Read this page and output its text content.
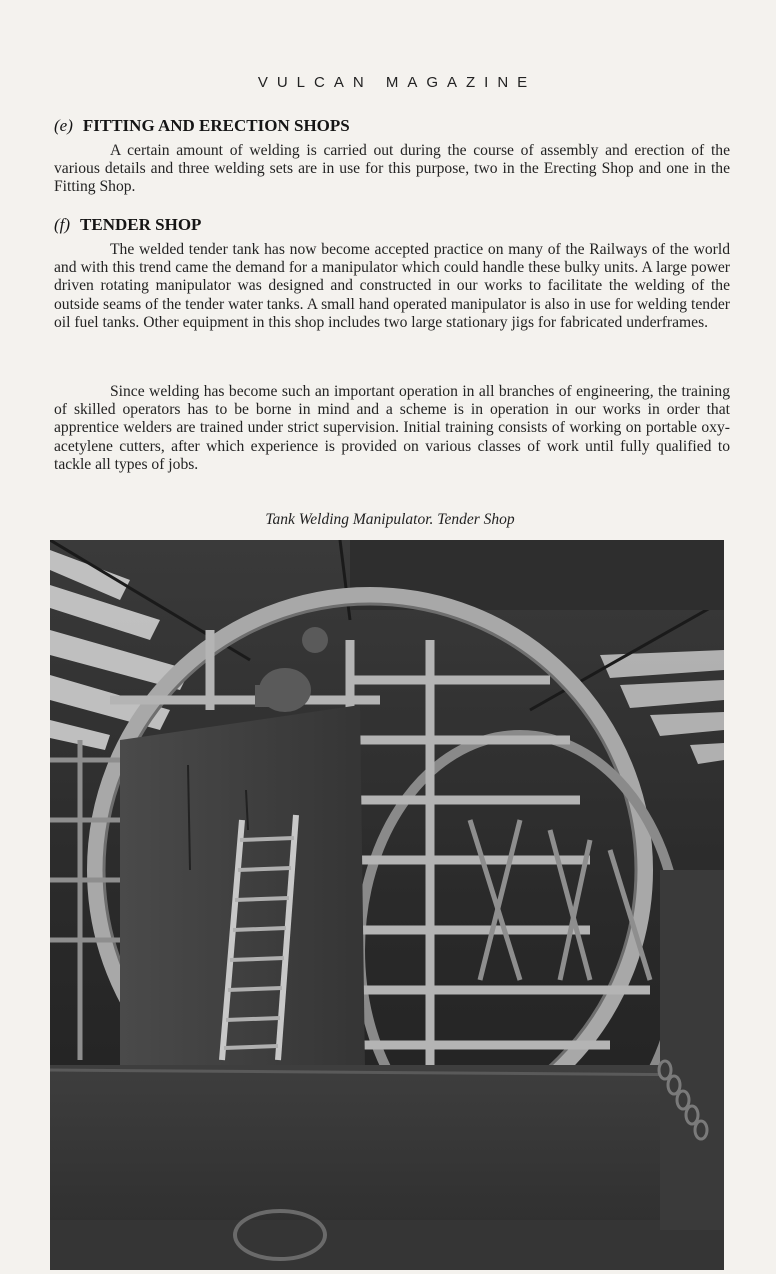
VULCAN MAGAZINE
(e) FITTING AND ERECTION SHOPS

A certain amount of welding is carried out during the course of assembly and erection of the various details and three welding sets are in use for this purpose, two in the Erecting Shop and one in the Fitting Shop.

(f) TENDER SHOP

The welded tender tank has now become accepted practice on many of the Railways of the world and with this trend came the demand for a manipulator which could handle these bulky units. A large power driven rotating manipulator was designed and constructed in our works to facilitate the welding of the outside seams of the tender water tanks. A small hand operated manipulator is also in use for welding tender oil fuel tanks. Other equipment in this shop includes two large stationary jigs for fabricated underframes.

Since welding has become such an important operation in all branches of engineering, the training of skilled operators has to be borne in mind and a scheme is in operation in our works in order that apprentice welders are trained under strict supervision. Initial training consists of working on portable oxy-acetylene cutters, after which experience is provided on various classes of work until fully qualified to tackle all types of jobs.

Tank Welding Manipulator. Tender Shop
